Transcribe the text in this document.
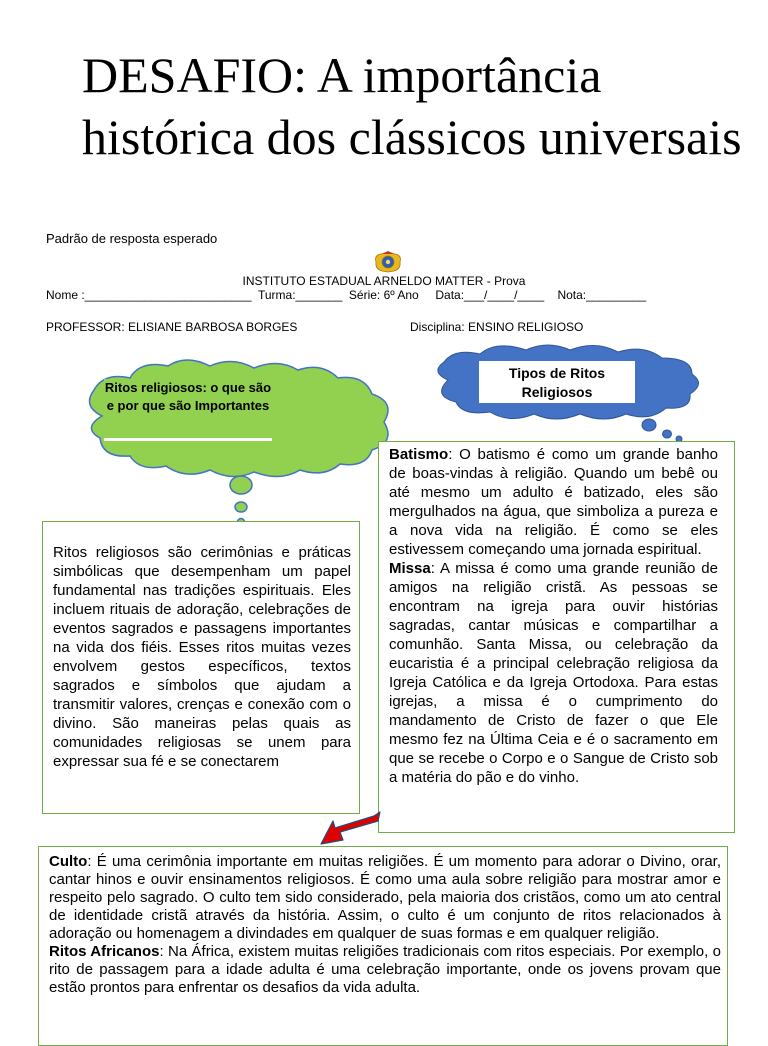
DESAFIO: A importância histórica dos clássicos universais
Padrão de resposta esperado
INSTITUTO ESTADUAL ARNELDO MATTER - Prova
Nome :_________________________  Turma:_______  Série: 6º Ano     Data:___/____/____    Nota:_________
PROFESSOR: ELISIANE BARBOSA BORGES	Disciplina: ENSINO RELIGIOSO
Ritos religiosos: o que são e por que são Importantes
Tipos de Ritos Religiosos

Ritos religiosos são cerimônias e práticas simbólicas que desempenham um papel fundamental nas tradições espirituais. Eles incluem rituais de adoração, celebrações de eventos sagrados e passagens importantes na vida dos fiéis. Esses ritos muitas vezes envolvem gestos específicos, textos sagrados e símbolos que ajudam a transmitir valores, crenças e conexão com o divino. São maneiras pelas quais as comunidades religiosas se unem para expressar sua fé e se conectarem

Batismo: O batismo é como um grande banho de boas-vindas à religião. Quando um bebê ou até mesmo um adulto é batizado, eles são mergulhados na água, que simboliza a pureza e a nova vida na religião. É como se eles estivessem começando uma jornada espiritual.

Missa: A missa é como uma grande reunião de amigos na religião cristã. As pessoas se encontram na igreja para ouvir histórias sagradas, cantar músicas e compartilhar a comunhão. Santa Missa, ou celebração da eucaristia é a principal celebração religiosa da Igreja Católica e da Igreja Ortodoxa. Para estas igrejas, a missa é o cumprimento do mandamento de Cristo de fazer o que Ele mesmo fez na Última Ceia e é o sacramento em que se recebe o Corpo e o Sangue de Cristo sob a matéria do pão e do vinho.

Culto: É uma cerimônia importante em muitas religiões. É um momento para adorar o Divino, orar, cantar hinos e ouvir ensinamentos religiosos. É como uma aula sobre religião para mostrar amor e respeito pelo sagrado. O culto tem sido considerado, pela maioria dos cristãos, como um ato central de identidade cristã através da história. Assim, o culto é um conjunto de ritos relacionados à adoração ou homenagem a divindades em qualquer de suas formas e em qualquer religião.

Ritos Africanos: Na África, existem muitas religiões tradicionais com ritos especiais. Por exemplo, o rito de passagem para a idade adulta é uma celebração importante, onde os jovens provam que estão prontos para enfrentar os desafios da vida adulta.
